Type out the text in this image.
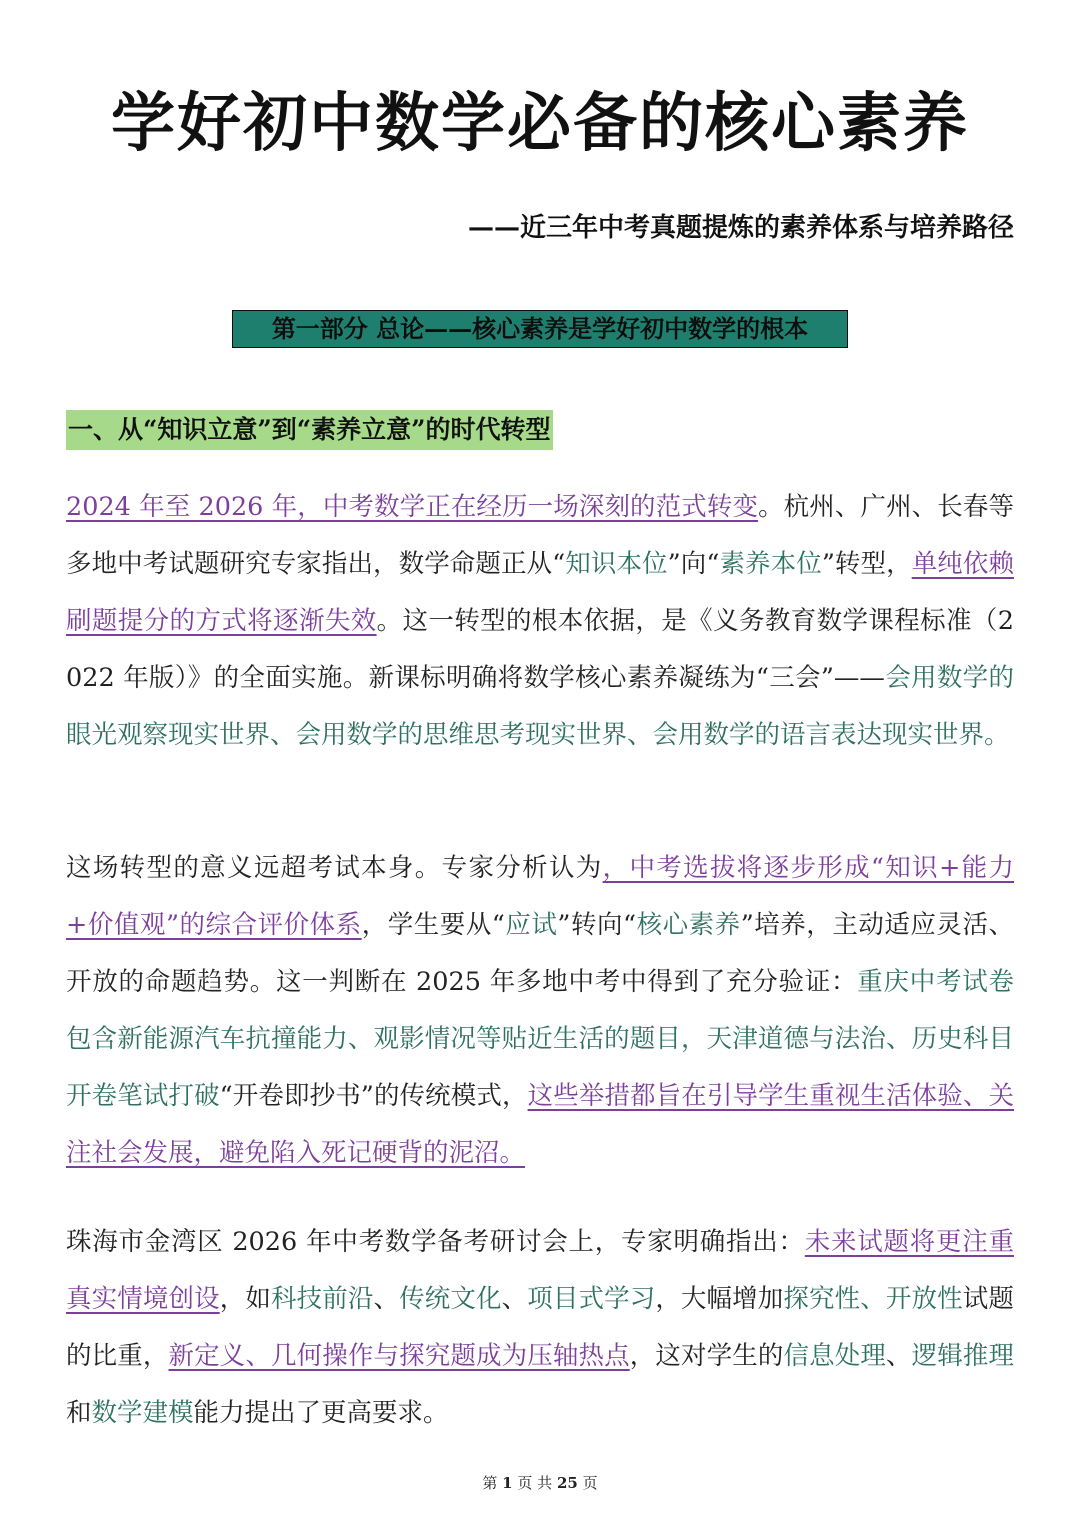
学好初中数学必备的核心素养
——近三年中考真题提炼的素养体系与培养路径
第一部分 总论——核心素养是学好初中数学的根本
一、从“知识立意”到“素养立意”的时代转型

2024 年至 2026 年，中考数学正在经历一场深刻的范式转变。杭州、广州、长春等多地中考试题研究专家指出，数学命题正从“知识本位”向“素养本位”转型，单纯依赖刷题提分的方式将逐渐失效。这一转型的根本依据，是《义务教育数学课程标准（2022 年版）》的全面实施。新课标明确将数学核心素养凝练为“三会”——会用数学的眼光观察现实世界、会用数学的思维思考现实世界、会用数学的语言表达现实世界。

这场转型的意义远超考试本身。专家分析认为，中考选拔将逐步形成“知识+能力+价值观”的综合评价体系，学生要从“应试”转向“核心素养”培养，主动适应灵活、开放的命题趋势。这一判断在 2025 年多地中考中得到了充分验证：重庆中考试卷包含新能源汽车抗撞能力、观影情况等贴近生活的题目，天津道德与法治、历史科目开卷笔试打破“开卷即抄书”的传统模式，这些举措都旨在引导学生重视生活体验、关注社会发展，避免陷入死记硬背的泥沼。

珠海市金湾区 2026 年中考数学备考研讨会上，专家明确指出：未来试题将更注重真实情境创设，如科技前沿、传统文化、项目式学习，大幅增加探究性、开放性试题的比重，新定义、几何操作与探究题成为压轴热点，这对学生的信息处理、逻辑推理和数学建模能力提出了更高要求。

第 1 页 共 25 页
